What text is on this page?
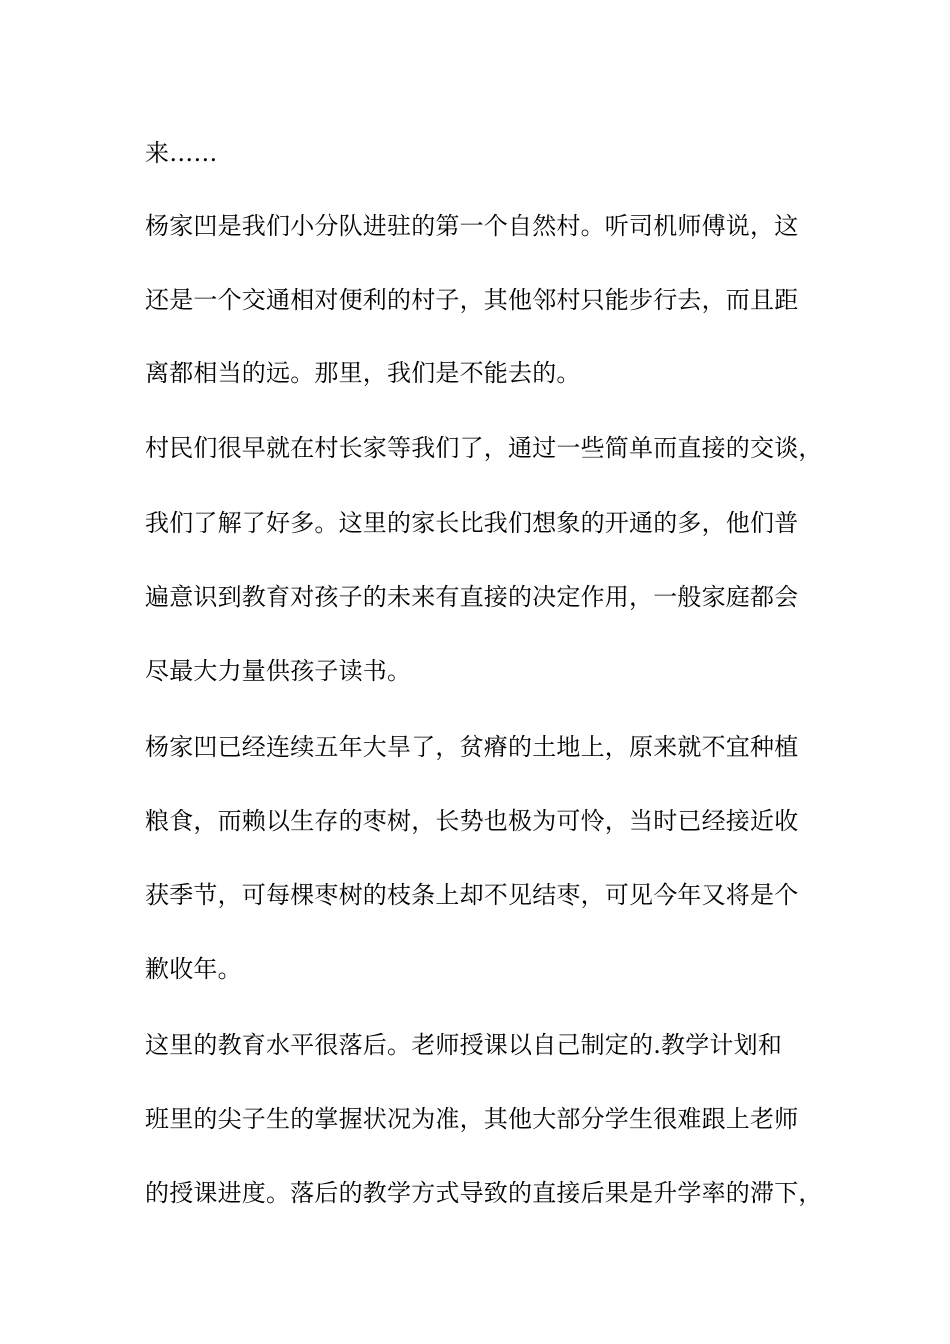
来……
杨家凹是我们小分队进驻的第一个自然村。听司机师傅说，这
还是一个交通相对便利的村子，其他邻村只能步行去，而且距
离都相当的远。那里，我们是不能去的。
村民们很早就在村长家等我们了，通过一些简单而直接的交谈，
我们了解了好多。这里的家长比我们想象的开通的多，他们普
遍意识到教育对孩子的未来有直接的决定作用，一般家庭都会
尽最大力量供孩子读书。
杨家凹已经连续五年大旱了，贫瘠的土地上，原来就不宜种植
粮食，而赖以生存的枣树，长势也极为可怜，当时已经接近收
获季节，可每棵枣树的枝条上却不见结枣，可见今年又将是个
歉收年。
这里的教育水平很落后。老师授课以自己制定的.教学计划和
班里的尖子生的掌握状况为准，其他大部分学生很难跟上老师
的授课进度。落后的教学方式导致的直接后果是升学率的滞下，
